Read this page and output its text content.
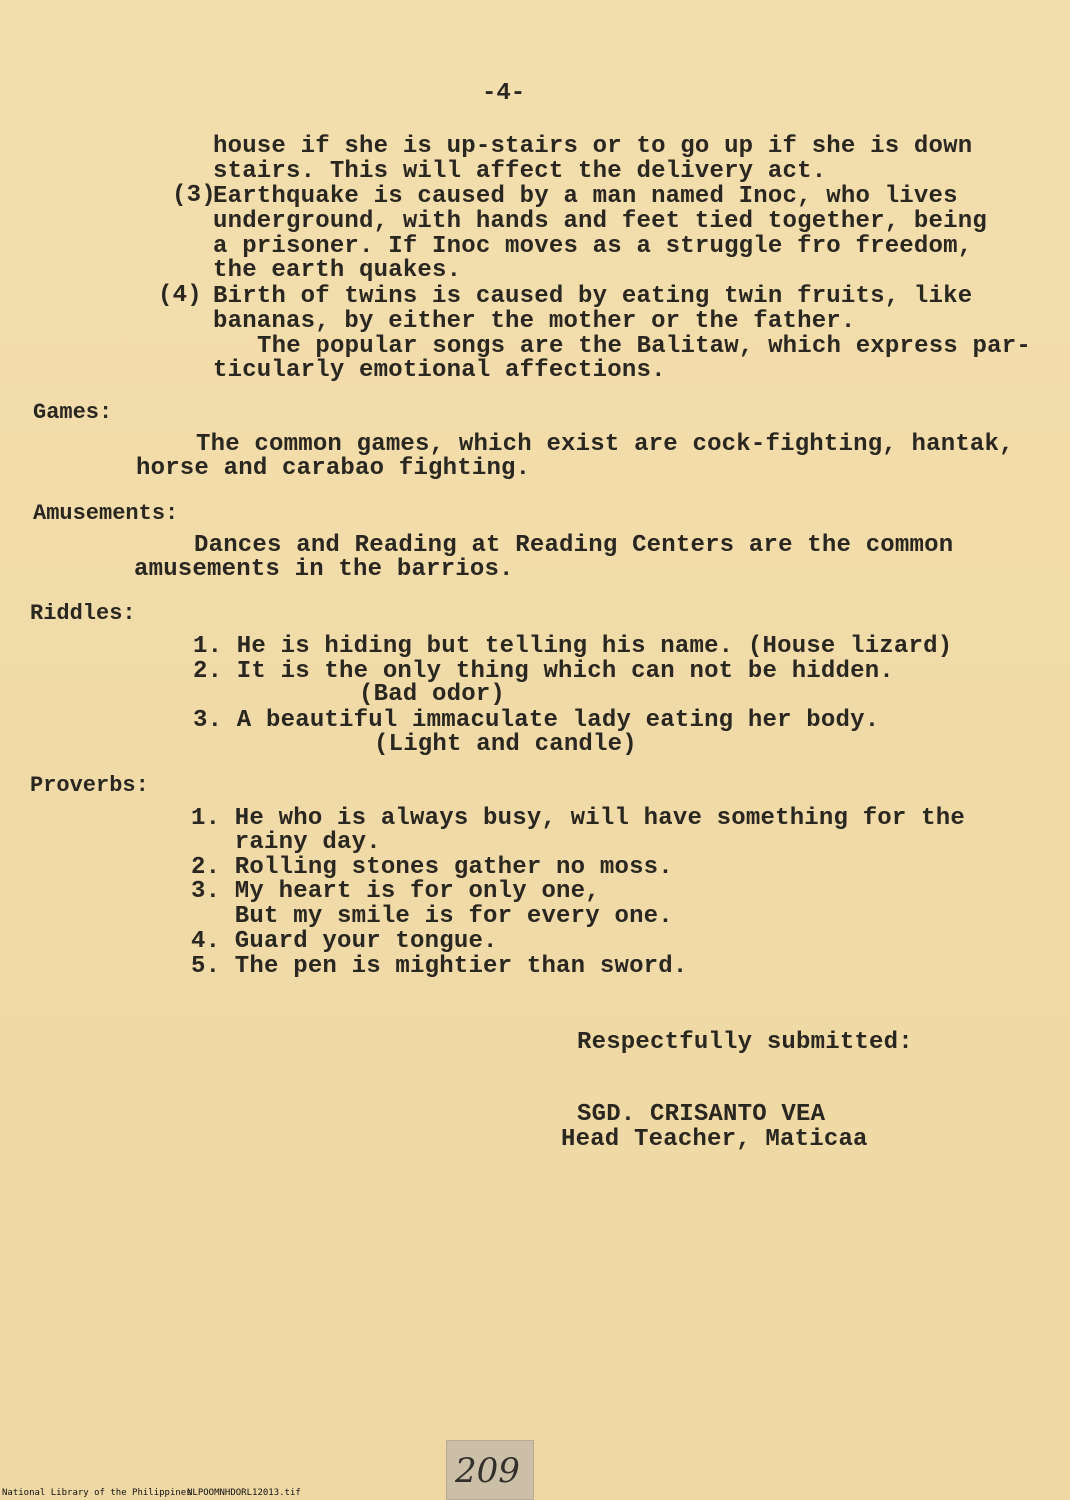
-4-
house if she is up-stairs or to go up if she is down
stairs. This will affect the delivery act.
(3)
Earthquake is caused by a man named Inoc, who lives
underground, with hands and feet tied together, being
a prisoner. If Inoc moves as a struggle fro freedom,
the earth quakes.
(4) Birth of twins is caused by eating twin fruits, like
bananas, by either the mother or the father.
The popular songs are the Balitaw, which express par-
ticularly emotional affections.
Games:
The common games, which exist are cock-fighting, hantak,
horse and carabao fighting.
Amusements:
Dances and Reading at Reading Centers are the common
amusements in the barrios.
Riddles:
1. He is hiding but telling his name. (House lizard)
2. It is the only thing which can not be hidden.
(Bad odor)
3. A beautiful immaculate lady eating her body.
(Light and candle)
Proverbs:
1. He who is always busy, will have something for the
rainy day.
2. Rolling stones gather no moss.
3. My heart is for only one,
But my smile is for every one.
4. Guard your tongue.
5. The pen is mightier than sword.
Respectfully submitted:
SGD. CRISANTO VEA
Head Teacher, Maticaa
209
National Library of the Philippines
NLPOOMNHDORL12013.tif
